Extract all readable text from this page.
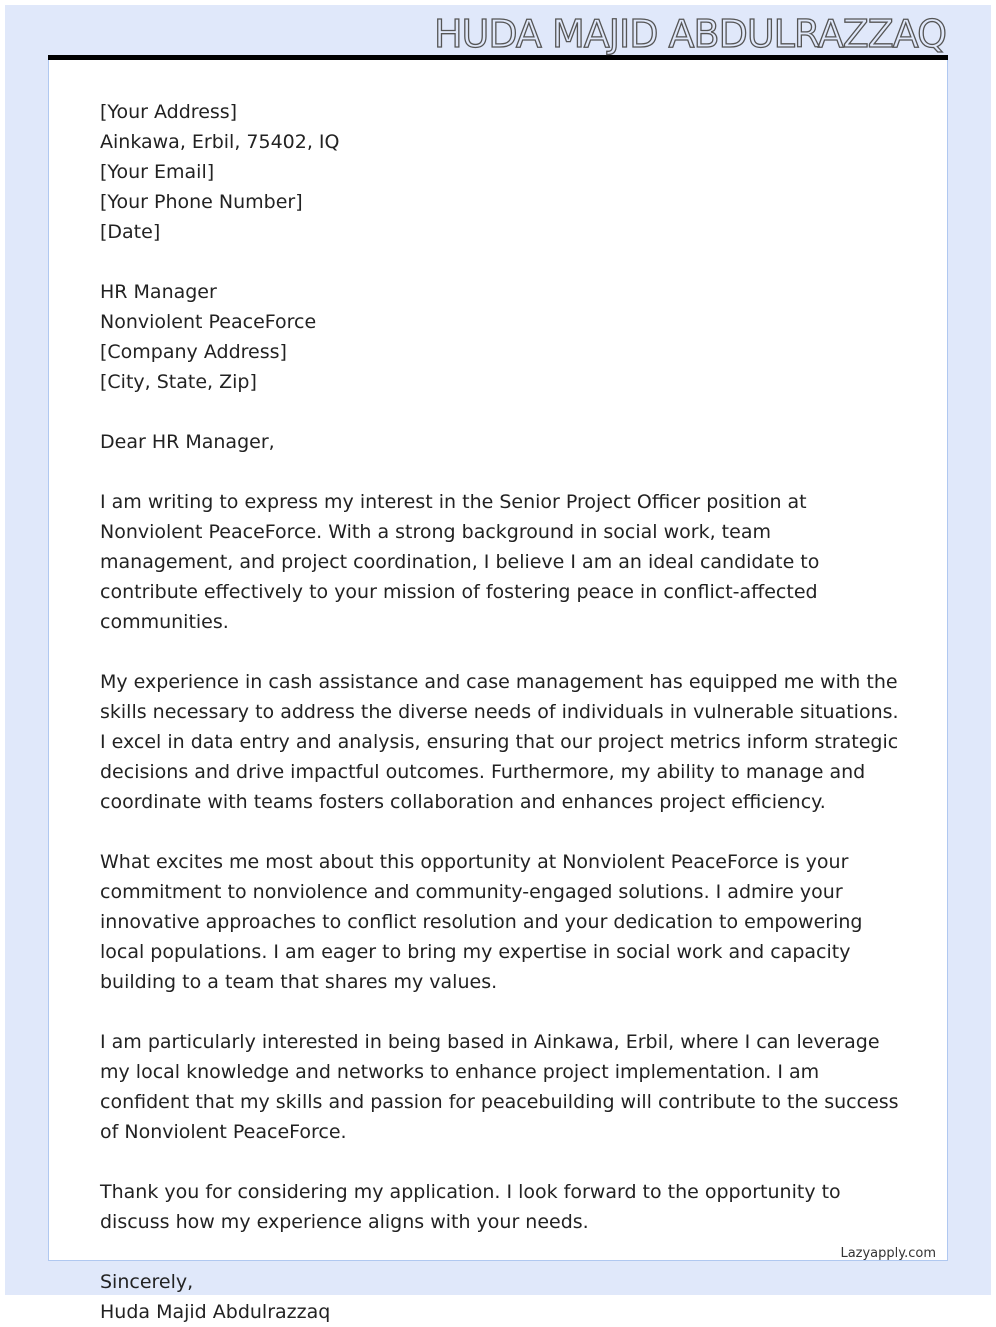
HUDA MAJID ABDULRAZZAQ

[Your Address]
Ainkawa, Erbil, 75402, IQ
[Your Email]
[Your Phone Number]
[Date]

HR Manager
Nonviolent PeaceForce
[Company Address]
[City, State, Zip]

Dear HR Manager,

I am writing to express my interest in the Senior Project Officer position at Nonviolent PeaceForce. With a strong background in social work, team management, and project coordination, I believe I am an ideal candidate to contribute effectively to your mission of fostering peace in conflict-affected communities.

My experience in cash assistance and case management has equipped me with the skills necessary to address the diverse needs of individuals in vulnerable situations. I excel in data entry and analysis, ensuring that our project metrics inform strategic decisions and drive impactful outcomes. Furthermore, my ability to manage and coordinate with teams fosters collaboration and enhances project efficiency.

What excites me most about this opportunity at Nonviolent PeaceForce is your commitment to nonviolence and community-engaged solutions. I admire your innovative approaches to conflict resolution and your dedication to empowering local populations. I am eager to bring my expertise in social work and capacity building to a team that shares my values.

I am particularly interested in being based in Ainkawa, Erbil, where I can leverage my local knowledge and networks to enhance project implementation. I am confident that my skills and passion for peacebuilding will contribute to the success of Nonviolent PeaceForce.

Thank you for considering my application. I look forward to the opportunity to discuss how my experience aligns with your needs.

Sincerely,

Huda Majid Abdulrazzaq

Lazyapply.com
